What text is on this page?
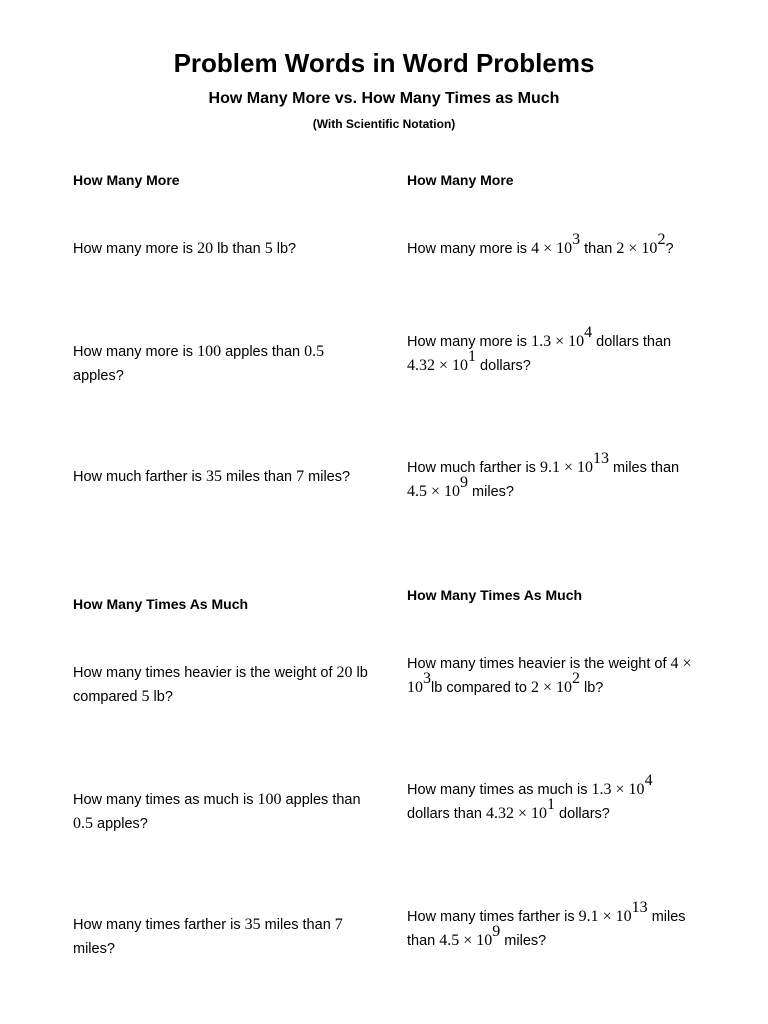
Problem Words in Word Problems
How Many More vs. How Many Times as Much
(With Scientific Notation)
How Many More
How many more is 20 lb than 5 lb?
How many more is 100 apples than 0.5 apples?
How much farther is 35 miles than 7 miles?
How Many Times As Much
How many times heavier is the weight of 20 lb compared 5 lb?
How many times as much is 100 apples than 0.5 apples?
How many times farther is 35 miles than 7 miles?
How Many More
How many more is $4 \times 10^3$ than $2 \times 10^2$?
How many more is $1.3 \times 10^4$ dollars than $4.32 \times 10^1$ dollars?
How much farther is $9.1 \times 10^{13}$ miles than $4.5 \times 10^9$ miles?
How Many Times As Much
How many times heavier is the weight of $4 \times 10^3lb$ compared to $2 \times 10^2$ lb?
How many times as much is $1.3 \times 10^4$ dollars than $4.32 \times 10^1$ dollars?
How many times farther is $9.1 \times 10^{13}$ miles than $4.5 \times 10^9$ miles?
